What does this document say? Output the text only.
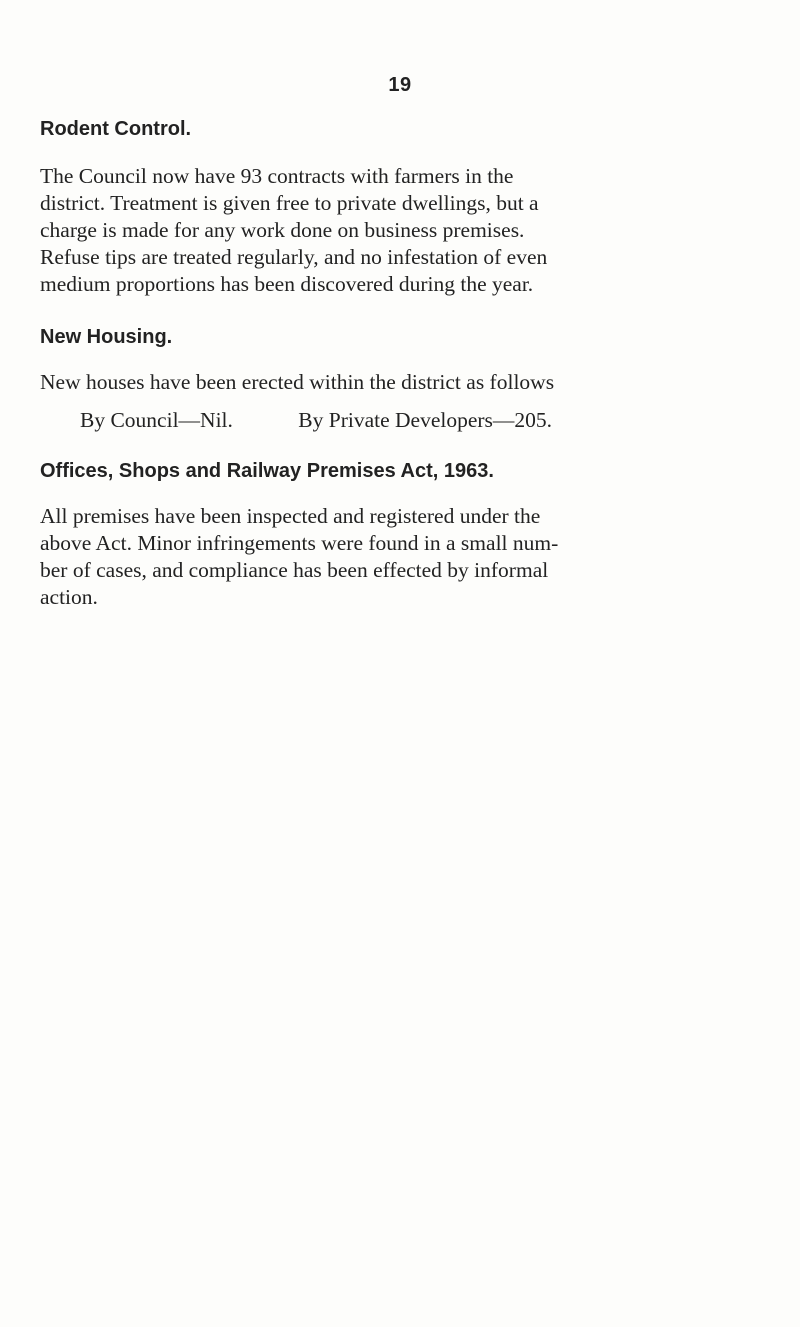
19
Rodent Control.
The Council now have 93 contracts with farmers in the
district. Treatment is given free to private dwellings, but a
charge is made for any work done on business premises.
Refuse tips are treated regularly, and no infestation of even
medium proportions has been discovered during the year.
New Housing.
New houses have been erected within the district as follows
By Council—Nil.	By Private Developers—205.
Offices, Shops and Railway Premises Act, 1963.
All premises have been inspected and registered under the
above Act. Minor infringements were found in a small num-
ber of cases, and compliance has been effected by informal
action.
